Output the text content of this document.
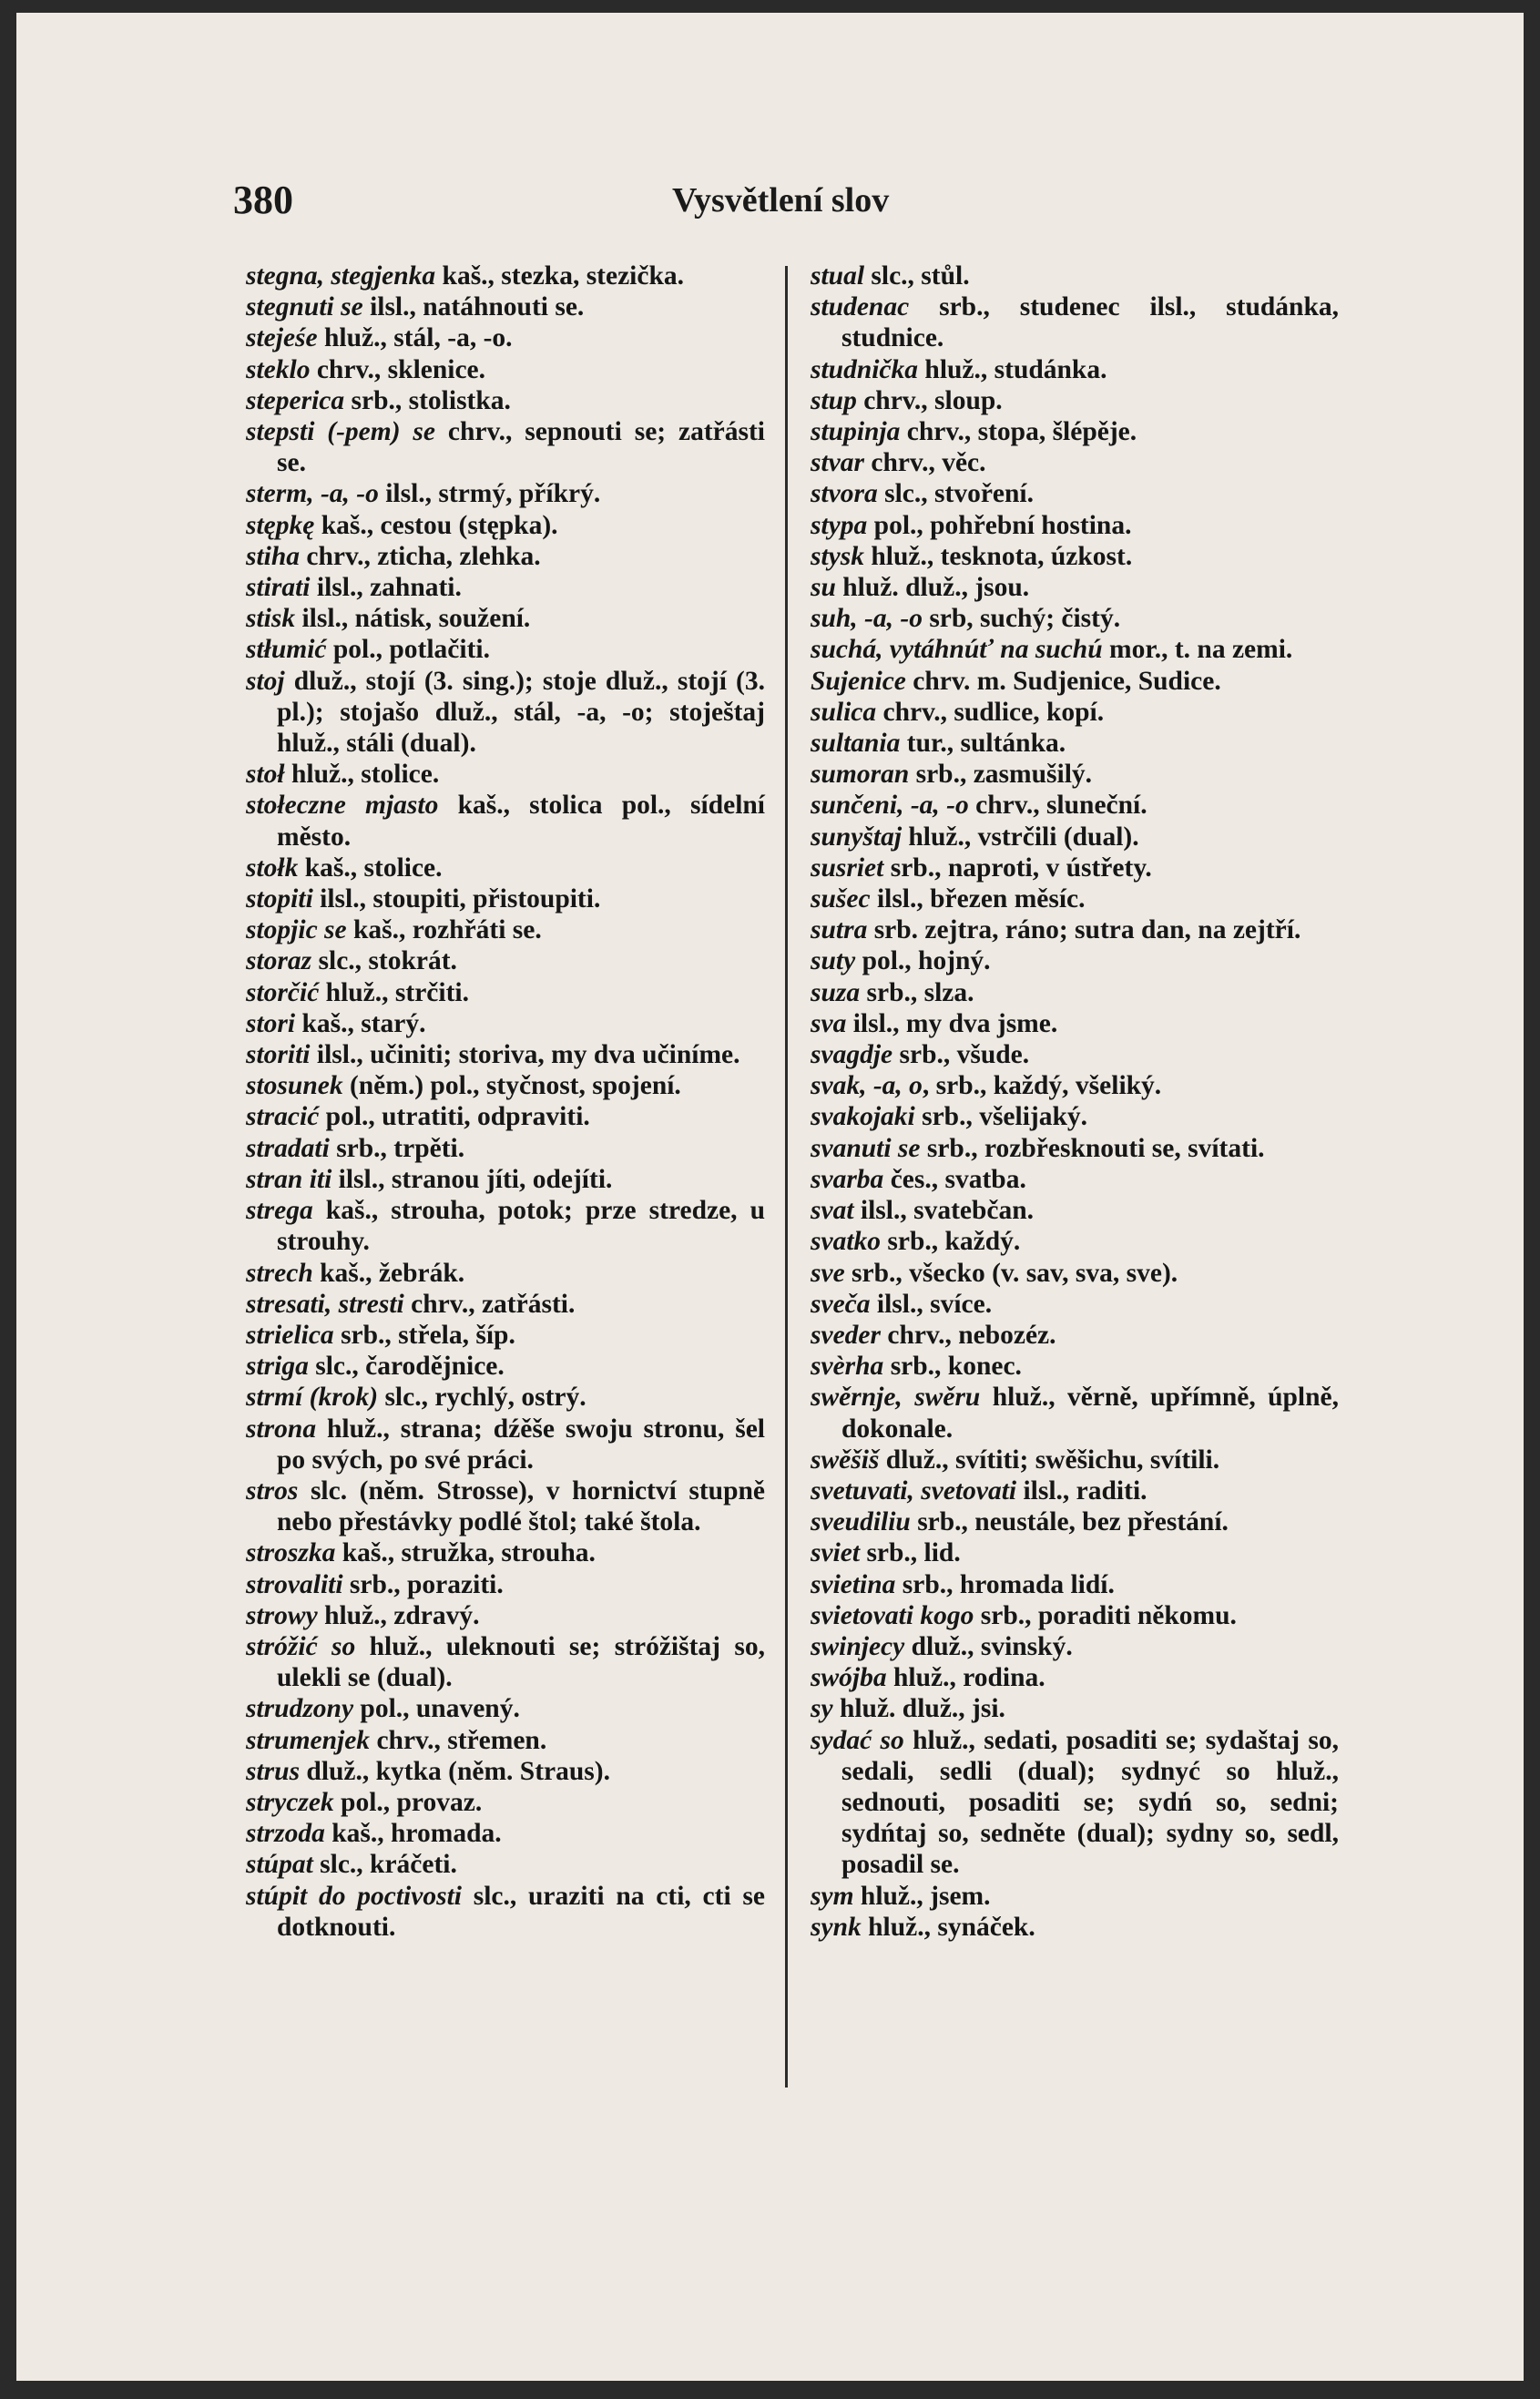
380	Vysvětlení slov
stegna, stegjenka kaš., stezka, stezička.
stegnuti se ilsl., natáhnouti se.
stejeśe hluž., stál, -a, -o.
steklo chrv., sklenice.
steperica srb., stolistka.
stepsti (-pem) se chrv., sepnouti se; zatřásti se.
sterm, -a, -o ilsl., strmý, příkrý.
stępkę kaš., cestou (stępka).
stiha chrv., zticha, zlehka.
stirati ilsl., zahnati.
stisk ilsl., nátisk, soužení.
stłumić pol., potlačiti.
stoj dluž., stojí (3. sing.); stoje dluž., stojí (3. pl.); stojašo dluž., stál, -a, -o; stoještaj hluž., stáli (dual).
stoł hluž., stolice.
stołeczne mjasto kaš., stolica pol., sídelní město.
stołk kaš., stolice.
stopiti ilsl., stoupiti, přistoupiti.
stopjic se kaš., rozhřáti se.
storaz slc., stokrát.
storčić hluž., strčiti.
stori kaš., starý.
storiti ilsl., učiniti; storiva, my dva učiníme.
stosunek (něm.) pol., styčnost, spojení.
stracić pol., utratiti, odpraviti.
stradati srb., trpěti.
stran iti ilsl., stranou jíti, odejíti.
strega kaš., strouha, potok; prze stredze, u strouhy.
strech kaš., žebrák.
stresati, stresti chrv., zatřásti.
strielica srb., střela, šíp.
striga slc., čarodějnice.
strmí (krok) slc., rychlý, ostrý.
strona hluž., strana; dźěše swoju stronu, šel po svých, po své práci.
stros slc. (něm. Strosse), v hornictví stupně nebo přestávky podlé štol; také štola.
stroszka kaš., stružka, strouha.
strovaliti srb., poraziti.
strowy hluž., zdravý.
stróžić so hluž., uleknouti se; stróžištaj so, ulekli se (dual).
strudzony pol., unavený.
strumenjek chrv., střemen.
strus dluž., kytka (něm. Straus).
stryczek pol., provaz.
strzoda kaš., hromada.
stúpat slc., kráčeti.
stúpit do poctivosti slc., uraziti na cti, cti se dotknouti.
stual slc., stůl.
studenac srb., studenec ilsl., studánka, studnice.
studnička hluž., studánka.
stup chrv., sloup.
stupinja chrv., stopa, šlépěje.
stvar chrv., věc.
stvora slc., stvoření.
stypa pol., pohřební hostina.
stysk hluž., tesknota, úzkost.
su hluž. dluž., jsou.
suh, -a, -o srb, suchý; čistý.
suchá, vytáhnúť na suchú mor., t. na zemi.
Sujenice chrv. m. Sudjenice, Sudice.
sulica chrv., sudlice, kopí.
sultania tur., sultánka.
sumoran srb., zasmušilý.
sunčeni, -a, -o chrv., sluneční.
sunyštaj hluž., vstrčili (dual).
susriet srb., naproti, v ústřety.
sušec ilsl., březen měsíc.
sutra srb. zejtra, ráno; sutra dan, na zejtří.
suty pol., hojný.
suza srb., slza.
sva ilsl., my dva jsme.
svagdje srb., všude.
svak, -a, o, srb., každý, všeliký.
svakojaki srb., všelijaký.
svanuti se srb., rozbřesknouti se, svítati.
svarba čes., svatba.
svat ilsl., svatebčan.
svatko srb., každý.
sve srb., všecko (v. sav, sva, sve).
sveča ilsl., svíce.
sveder chrv., nebozéz.
svèrha srb., konec.
swěrnje, swěru hluž., věrně, upřímně, úplně, dokonale.
swěšiš dluž., svítiti; swěšichu, svítili.
svetuvati, svetovati ilsl., raditi.
sveudiliu srb., neustále, bez přestání.
sviet srb., lid.
svietina srb., hromada lidí.
svietovati kogo srb., poraditi někomu.
swinjecy dluž., svinský.
swójba hluž., rodina.
sy hluž. dluž., jsi.
sydać so hluž., sedati, posaditi se; sydaštaj so, sedali, sedli (dual); sydnyć so hluž., sednouti, posaditi se; sydń so, sedni; sydńtaj so, sedněte (dual); sydny so, sedl, posadil se.
sym hluž., jsem.
synk hluž., synáček.
